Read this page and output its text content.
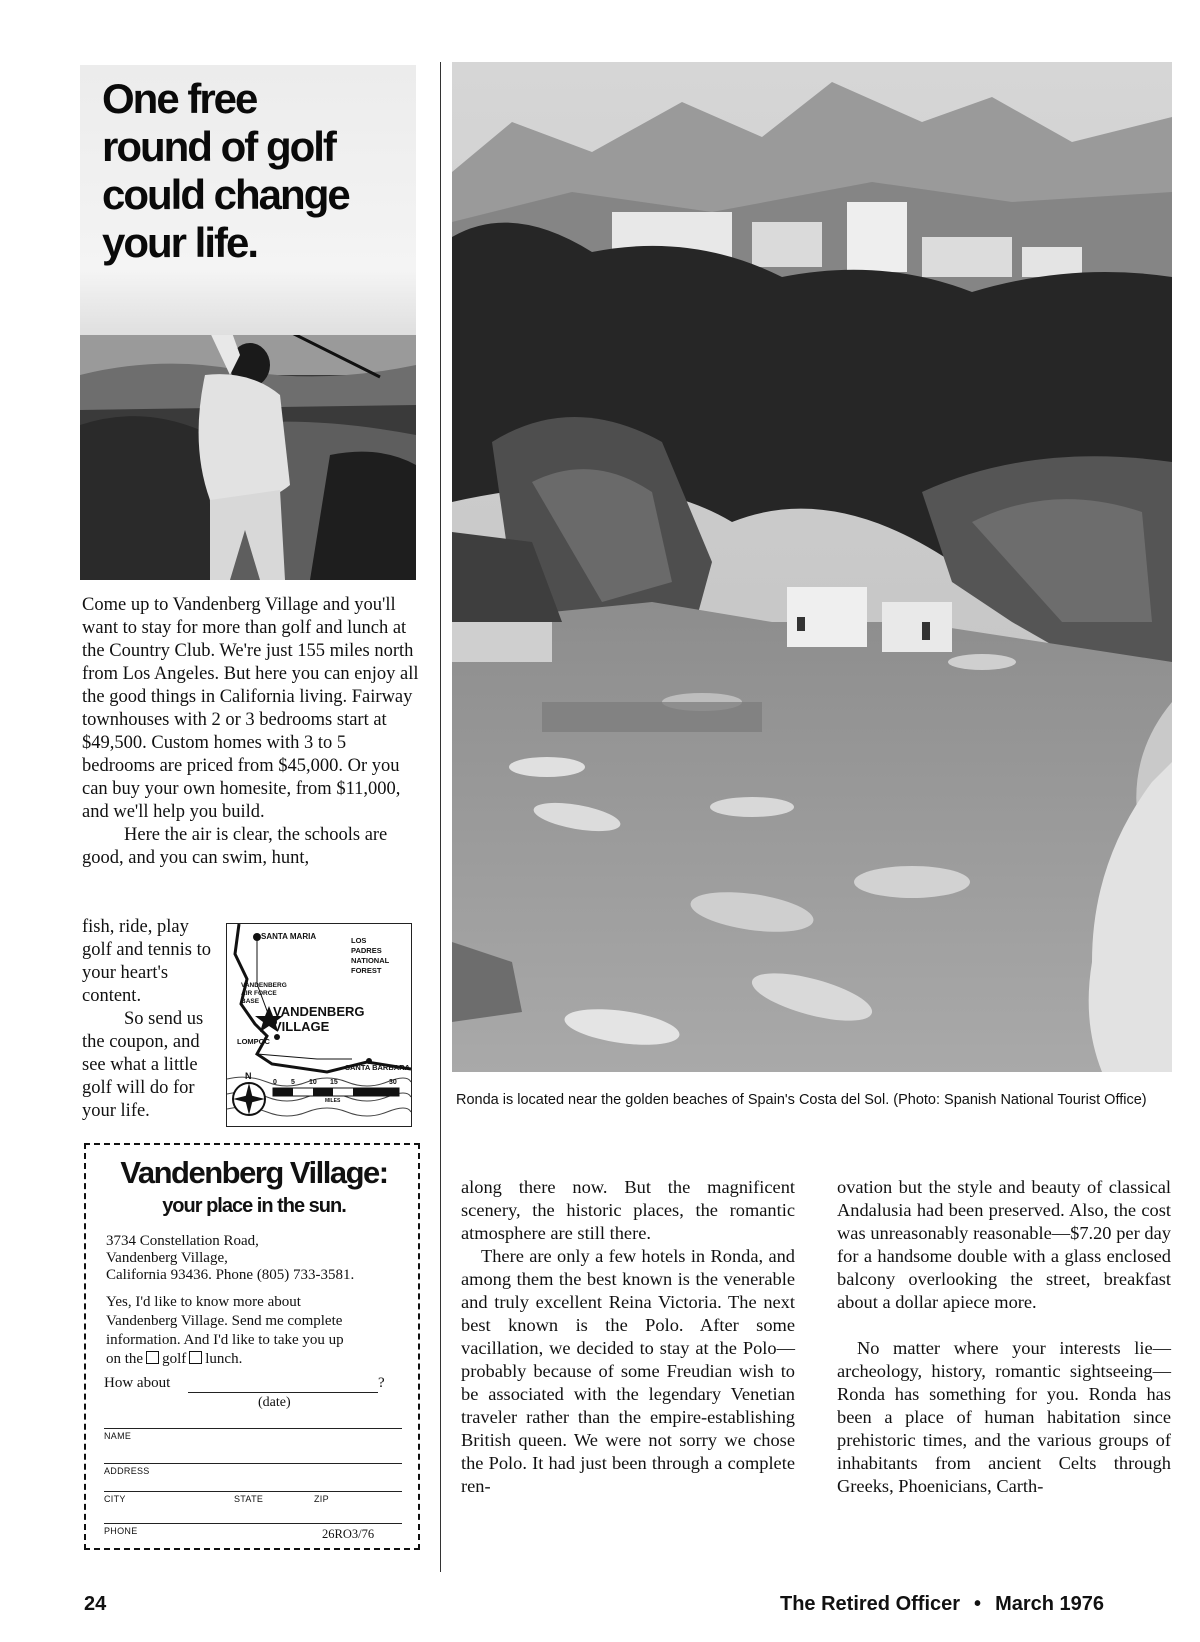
One free
round of golf
could change
your life.

Come up to Vandenberg Village and you'll want to stay for more than golf and lunch at the Country Club. We're just 155 miles north from Los Angeles. But here you can enjoy all the good things in California living. Fairway townhouses with 2 or 3 bedrooms start at $49,500. Custom homes with 3 to 5 bedrooms are priced from $45,000. Or you can buy your own homesite, from $11,000, and we'll help you build.

Here the air is clear, the schools are good, and you can swim, hunt,

fish, ride, play golf and tennis to your heart's content.

So send us the coupon, and see what a little golf will do for your life.

SANTA MARIA	LOS
PADRES
NATIONAL
FOREST
VANDENBERG
AIR FORCE
BASE
VANDENBERG
VILLAGE
LOMPOC
SANTA BARBARA
N
0 5 10 15	30
MILES
Vandenberg Village:
your place in the sun.
3734 Constellation Road,
Vandenberg Village,
California 93436. Phone (805) 733-3581.
Yes, I'd like to know more about
Vandenberg Village. Send me complete
information. And I'd like to take you up
on the golf lunch.
How about	?
(date)
NAME
ADDRESS
CITY	STATE	ZIP
PHONE	26RO3/76
Ronda is located near the golden beaches of Spain's Costa del Sol. (Photo: Spanish National Tourist Office)

along there now. But the magnificent scenery, the historic places, the romantic atmosphere are still there.

There are only a few hotels in Ronda, and among them the best known is the venerable and truly excellent Reina Victoria. The next best known is the Polo. After some vacillation, we decided to stay at the Polo—probably because of some Freudian wish to be associated with the legendary Venetian traveler rather than the empire-establishing British queen. We were not sorry we chose the Polo. It had just been through a complete ren-

ovation but the style and beauty of classical Andalusia had been preserved. Also, the cost was unreasonably reasonable—$7.20 per day for a handsome double with a glass enclosed balcony overlooking the street, breakfast about a dollar apiece more.

No matter where your interests lie—archeology, history, romantic sightseeing—Ronda has something for you. Ronda has been a place of human habitation since prehistoric times, and the various groups of inhabitants from ancient Celts through Greeks, Phoenicians, Carth-

24	The Retired Officer • March 1976
